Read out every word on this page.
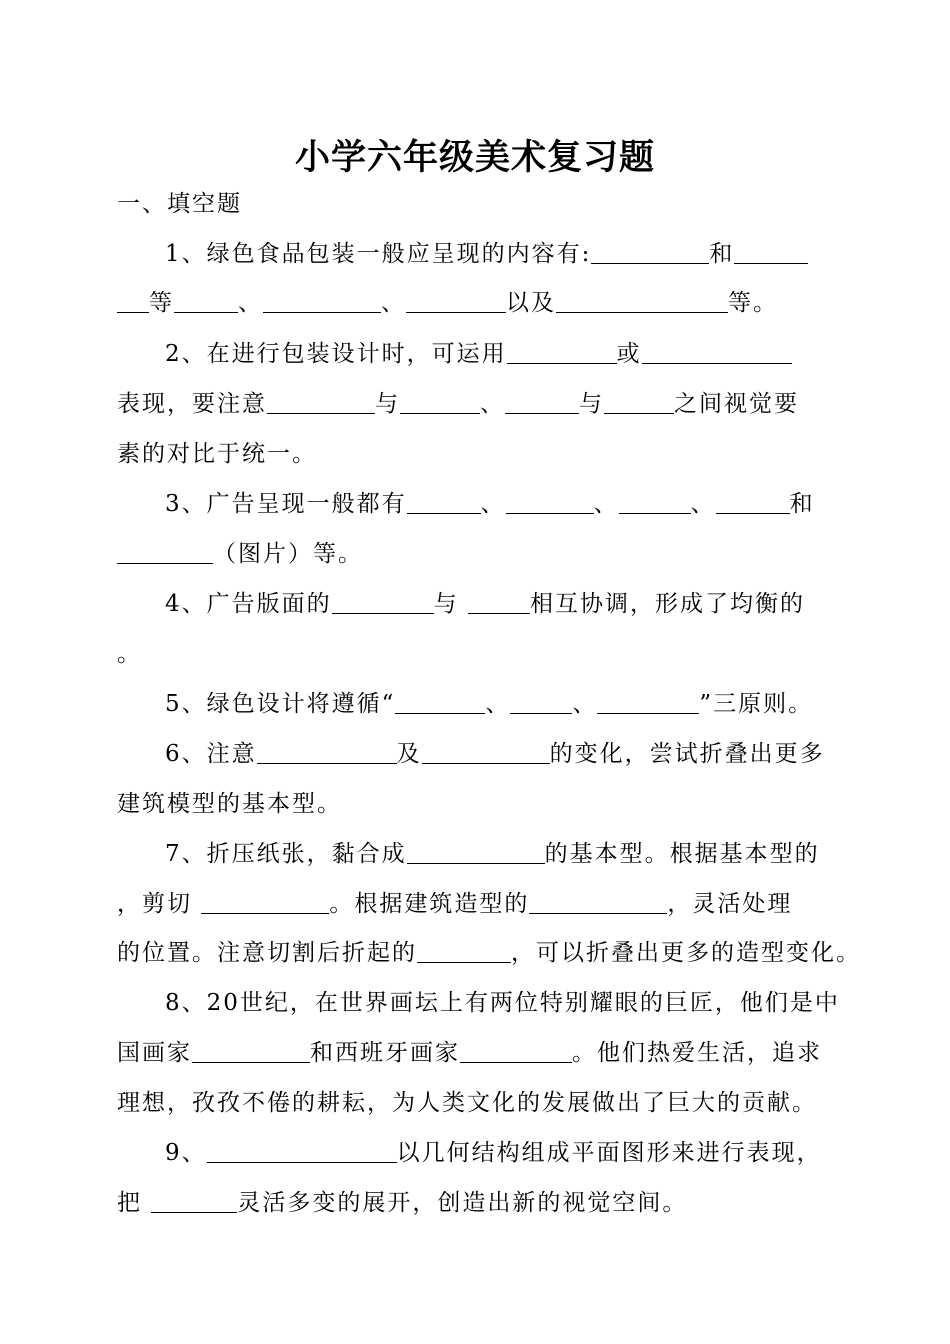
小学六年级美术复习题
一、填空题
1、绿色食品包装一般应呈现的内容有:	和
等	、	、	以及	等。
2、在进行包装设计时，可运用	或
表现，要注意	与	、	与	之间视觉要
素的对比于统一。
3、广告呈现一般都有	、	、	、	和
（图片）等。
4、广告版面的	与	相互协调，形成了均衡的
。
5、绿色设计将遵循“	、	、	”三原则。
6、注意	及	的变化，尝试折叠出更多
建筑模型的基本型。
7、折压纸张，黏合成	的基本型。根据基本型的
，剪切	。根据建筑造型的	，灵活处理
的位置。注意切割后折起的	，可以折叠出更多的造型变化。
8、20世纪，在世界画坛上有两位特别耀眼的巨匠，他们是中
国画家	和西班牙画家	。他们热爱生活，追求
理想，孜孜不倦的耕耘，为人类文化的发展做出了巨大的贡献。
9、	以几何结构组成平面图形来进行表现，
把	灵活多变的展开，创造出新的视觉空间。
